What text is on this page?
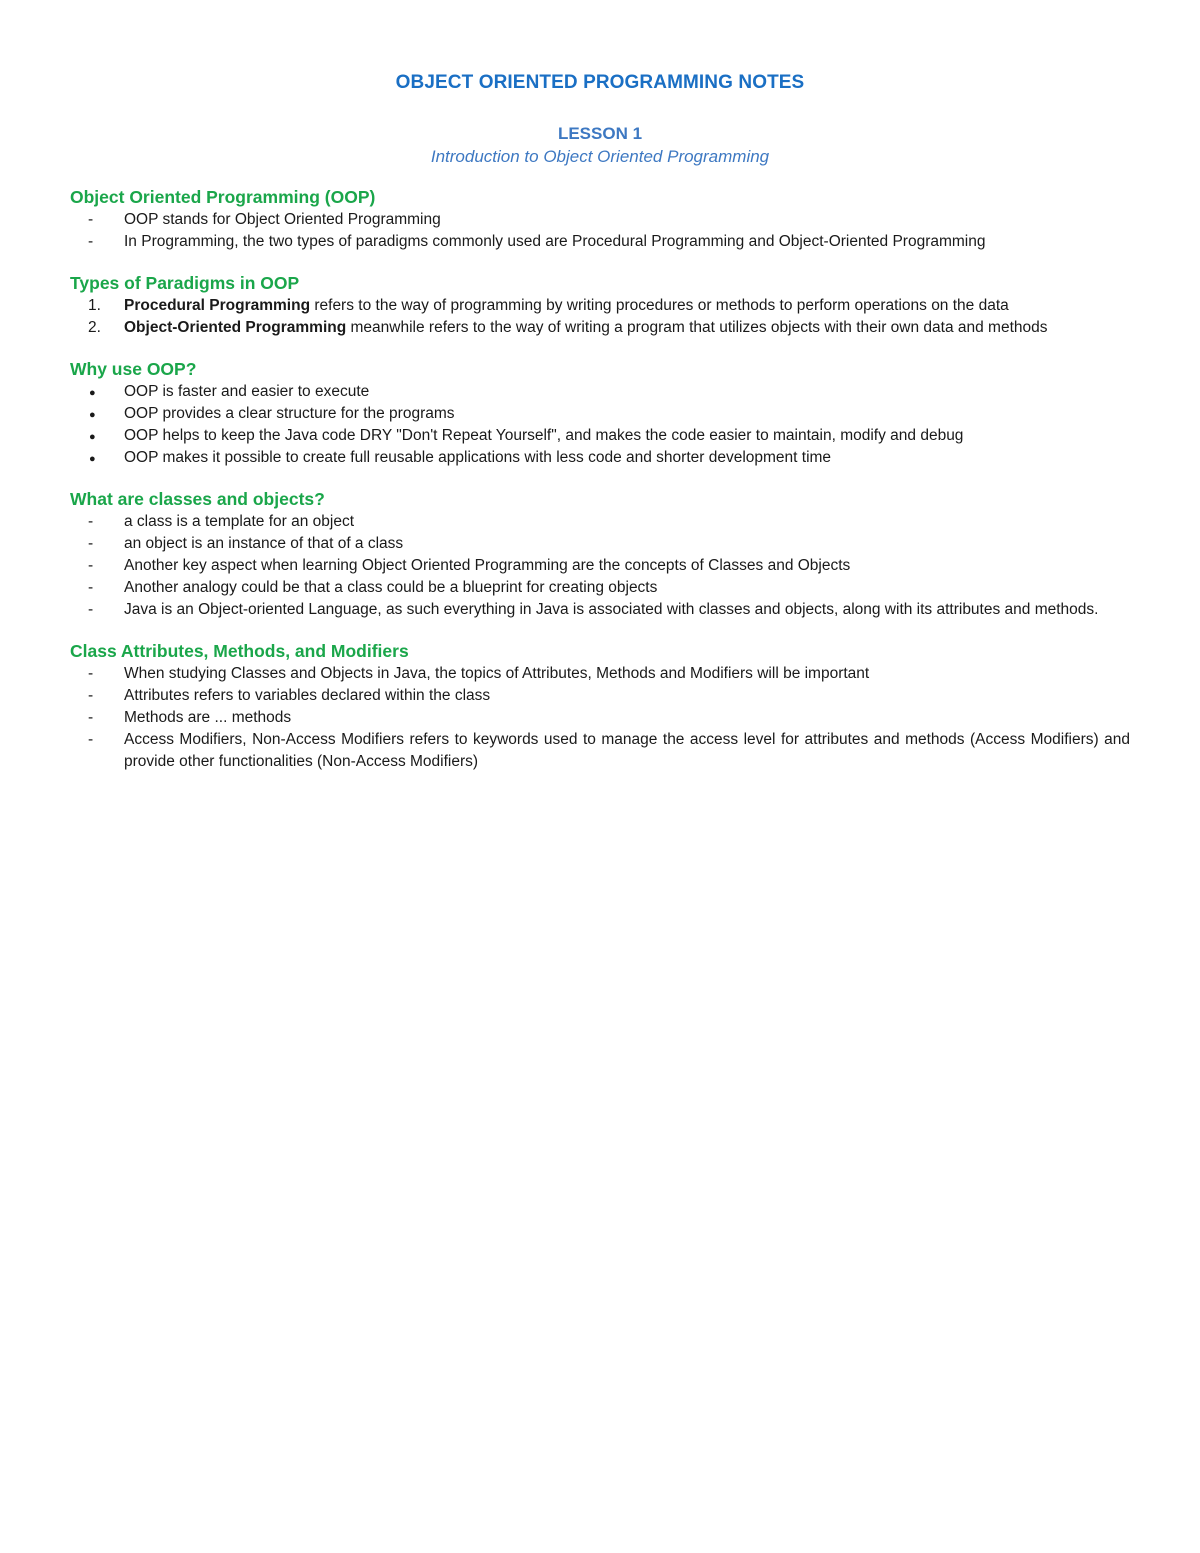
OBJECT ORIENTED PROGRAMMING NOTES
LESSON 1
Introduction to Object Oriented Programming
Object Oriented Programming (OOP)
-	OOP stands for Object Oriented Programming
-	In Programming, the two types of paradigms commonly used are Procedural Programming and Object-Oriented Programming
Types of Paradigms in OOP
1.	Procedural Programming refers to the way of programming by writing procedures or methods to perform operations on the data
2.	Object-Oriented Programming meanwhile refers to the way of writing a program that utilizes objects with their own data and methods
Why use OOP?
●	OOP is faster and easier to execute
●	OOP provides a clear structure for the programs
●	OOP helps to keep the Java code DRY "Don't Repeat Yourself", and makes the code easier to maintain, modify and debug
●	OOP makes it possible to create full reusable applications with less code and shorter development time
What are classes and objects?
-	a class is a template for an object
-	an object is an instance of that of a class
-	Another key aspect when learning Object Oriented Programming are the concepts of Classes and Objects
-	Another analogy could be that a class could be a blueprint for creating objects
-	Java is an Object-oriented Language, as such everything in Java is associated with classes and objects, along with its attributes and methods.
Class Attributes, Methods, and Modifiers
-	When studying Classes and Objects in Java, the topics of Attributes, Methods and Modifiers will be important
-	Attributes refers to variables declared within the class
-	Methods are ... methods
-	Access Modifiers, Non-Access Modifiers refers to keywords used to manage the access level for attributes and methods (Access Modifiers) and provide other functionalities (Non-Access Modifiers)
